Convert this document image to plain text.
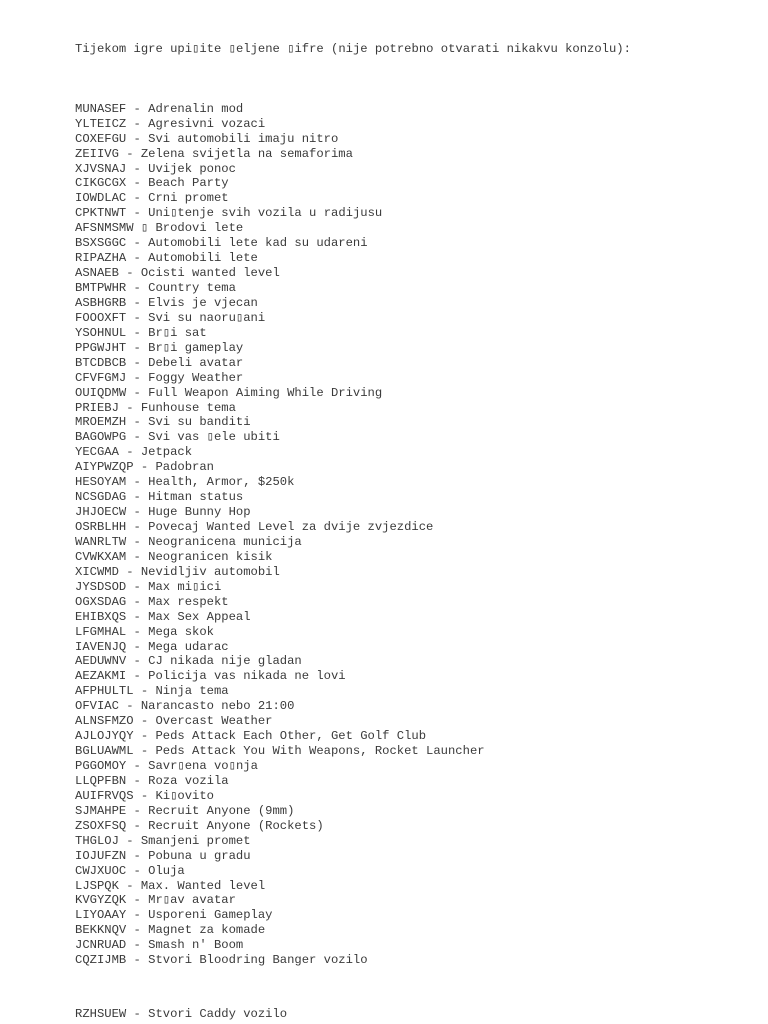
Tijekom igre upi▯ite ▯eljene ▯ifre (nije potrebno otvarati nikakvu konzolu):

MUNASEF - Adrenalin mod
YLTEICZ - Agresivni vozaci
COXEFGU - Svi automobili imaju nitro
ZEIIVG - Zelena svijetla na semaforima
XJVSNAJ - Uvijek ponoc
CIKGCGX - Beach Party
IOWDLAC - Crni promet
CPKTNWT - Uni▯tenje svih vozila u radijusu
AFSNMSMW ▯ Brodovi lete
BSXSGGC - Automobili lete kad su udareni
RIPAZHA - Automobili lete
ASNAEB - Ocisti wanted level
BMTPWHR - Country tema
ASBHGRB - Elvis je vjecan
FOOOXFT - Svi su naoru▯ani
YSOHNUL - Br▯i sat
PPGWJHT - Br▯i gameplay
BTCDBCB - Debeli avatar
CFVFGMJ - Foggy Weather
OUIQDMW - Full Weapon Aiming While Driving
PRIEBJ - Funhouse tema
MROEMZH - Svi su banditi
BAGOWPG - Svi vas ▯ele ubiti
YECGAA - Jetpack
AIYPWZQP - Padobran
HESOYAM - Health, Armor, $250k
NCSGDAG - Hitman status
JHJOECW - Huge Bunny Hop
OSRBLHH - Povecaj Wanted Level za dvije zvjezdice
WANRLTW - Neogranicena municija
CVWKXAM - Neogranicen kisik
XICWMD - Nevidljiv automobil
JYSDSOD - Max mi▯ici
OGXSDAG - Max respekt
EHIBXQS - Max Sex Appeal
LFGMHAL - Mega skok
IAVENJQ - Mega udarac
AEDUWNV - CJ nikada nije gladan
AEZAKMI - Policija vas nikada ne lovi
AFPHULTL - Ninja tema
OFVIAC - Narancasto nebo 21:00
ALNSFMZO - Overcast Weather
AJLOJYQY - Peds Attack Each Other, Get Golf Club
BGLUAWML - Peds Attack You With Weapons, Rocket Launcher
PGGOMOY - Savr▯ena vo▯nja
LLQPFBN - Roza vozila
AUIFRVQS - Ki▯ovito
SJMAHPE - Recruit Anyone (9mm)
ZSOXFSQ - Recruit Anyone (Rockets)
THGLOJ - Smanjeni promet
IOJUFZN - Pobuna u gradu
CWJXUOC - Oluja
LJSPQK - Max. Wanted level
KVGYZQK - Mr▯av avatar
LIYOAAY - Usporeni Gameplay
BEKKNQV - Magnet za komade
JCNRUAD - Smash n' Boom
CQZIJMB - Stvori Bloodring Banger vozilo

RZHSUEW - Stvori Caddy vozilo
